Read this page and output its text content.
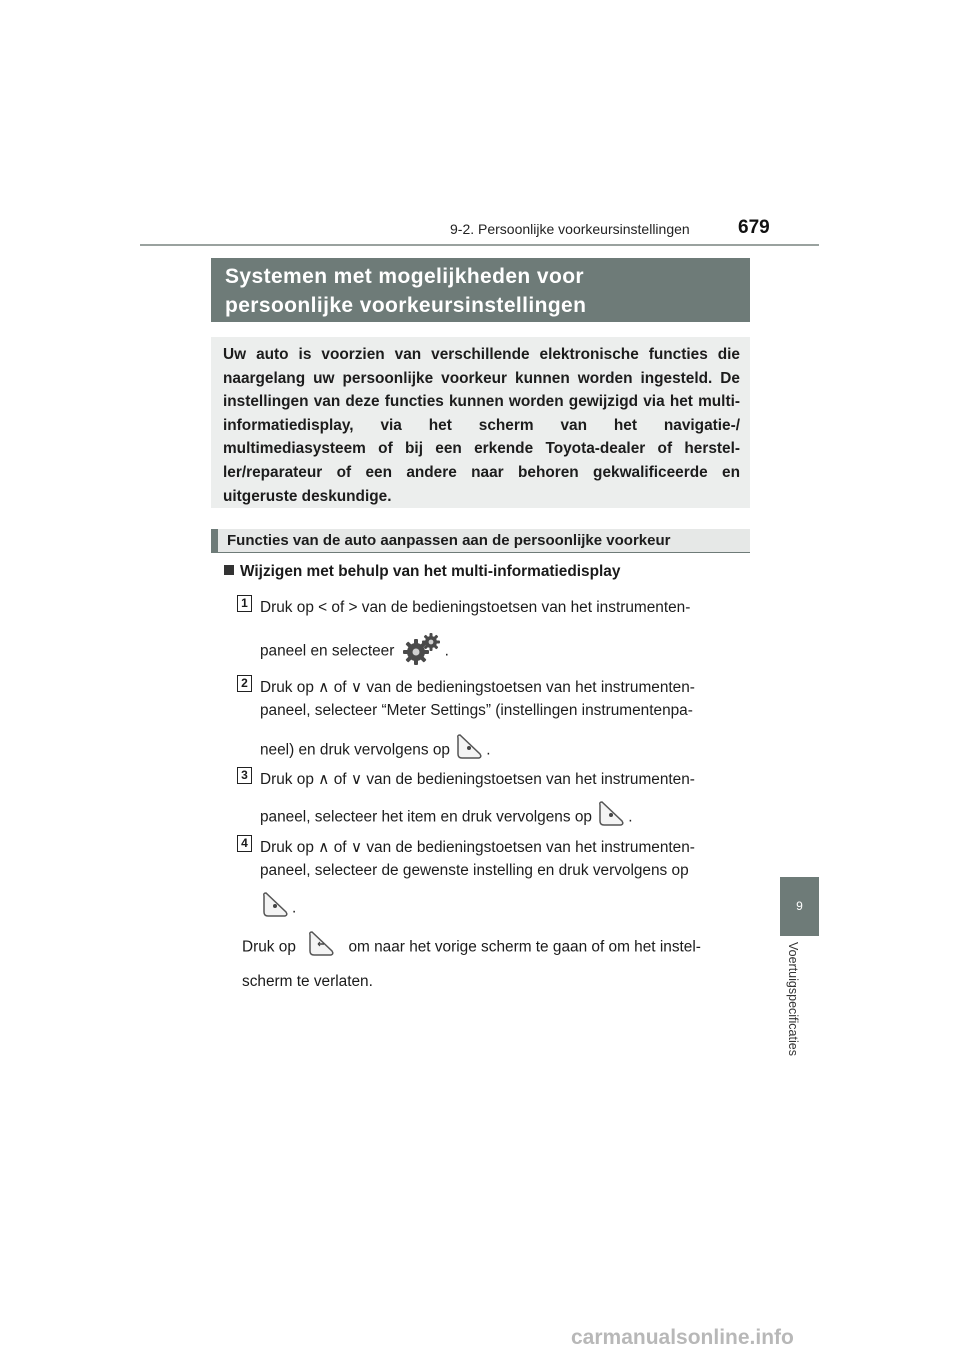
9-2. Persoonlijke voorkeursinstellingen	679
Systemen met mogelijkheden voor
persoonlijke voorkeursinstellingen
Uw auto is voorzien van verschillende elektronische functies die naargelang uw persoonlijke voorkeur kunnen worden ingesteld. De instellingen van deze functies kunnen worden gewijzigd via het multi-informatiedisplay, via het scherm van het navigatie-/ multimediasysteem of bij een erkende Toyota-dealer of herstel-ler/reparateur of een andere naar behoren gekwalificeerde en uitgeruste deskundige.
Functies van de auto aanpassen aan de persoonlijke voorkeur
Wijzigen met behulp van het multi-informatiedisplay
1 Druk op < of > van de bedieningstoetsen van het instrumenten-
paneel en selecteer	.
2 Druk op ∧ of ∨ van de bedieningstoetsen van het instrumenten-
paneel, selecteer “Meter Settings” (instellingen instrumentenpa-
neel) en druk vervolgens op .
3 Druk op ∧ of ∨ van de bedieningstoetsen van het instrumenten-
paneel, selecteer het item en druk vervolgens op .
4 Druk op ∧ of ∨ van de bedieningstoetsen van het instrumenten-
paneel, selecteer de gewenste instelling en druk vervolgens op
.
Druk op	om naar het vorige scherm te gaan of om het instel-
scherm te verlaten.
9
Voertuigspecificaties
carmanualsonline.info
